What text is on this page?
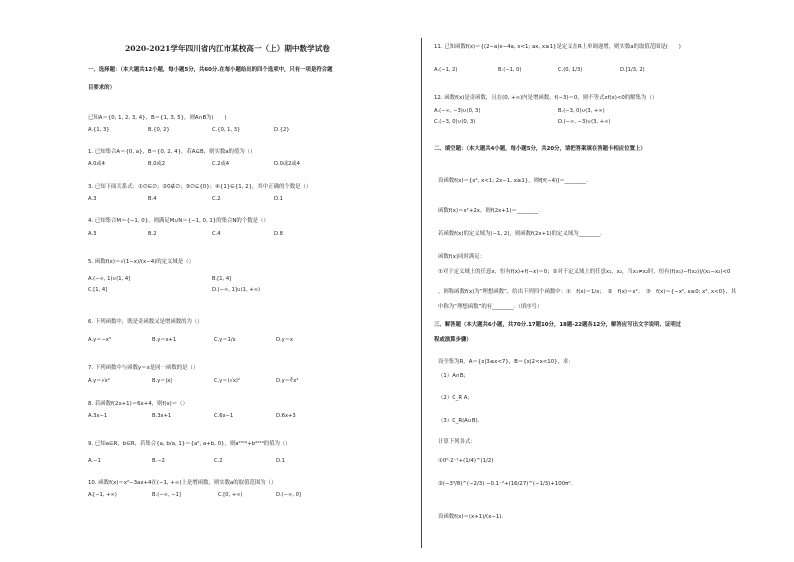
2020-2021学年四川省内江市某校高一（上）期中数学试卷
一、选择题：（本大题共12小题，每小题5分，共60分.在每小题给出的四个选项中，只有一项是符合题
目要求的）
已知A＝{0, 1, 2, 3, 4}，B＝{1, 3, 5}，则A∩B为(　　)
A.{1, 3}	B.{0, 2}	C.{0, 1, 3}	D.{2}
1. 已知集合A＝{0, a}，B＝{0, 2, 4}，若A⊆B，则实数a的值为（）
A.0或4	B.0或2	C.2或4	D.0或2或4
3. 已知下面关系式：①∅∈∅；②0∉∅；③∅⊆{0}；④{1}∈{1, 2}，其中正确的个数是（）
A.3	B.4	C.2	D.1
4. 已知集合M＝{−1, 0}，则满足M∪N＝{−1, 0, 1}的集合N的个数是（）
A.3	B.2	C.4	D.8
5. 函数f(x)＝√(1−x)/(x−4)的定义域是（）
A.(−∞, 1)∪(1, 4]	B.[1, 4]
C.[1, 4]	D.(−∞, 1]∪(1, +∞)
6. 下列函数中，既是奇函数又是增函数的为（）
A.y＝−x³	B.y＝x+1	C.y＝1/x	D.y＝x
7. 下列函数中与函数y＝x是同一函数的是（）
A.y＝√x²	B.y＝|x|	C.y＝(√x)²	D.y＝∛x³
8. 若函数f(2x+1)＝6x+4，则f(x)＝（）
A.3x−1	B.3x+1	C.6x−1	D.6x+3
9. 已知a∈R，b∈R，若集合{a, b/a, 1}＝{a², a+b, 0}，则a²⁰¹⁹+b²⁰¹⁹的值为（）
A.−1	B.−2	C.2	D.1
10. 函数f(x)＝x²−3ax+4在(−1, +∞)上是增函数，则实数a的取值范围为（）
A.[−1, +∞)	B.(−∞, −1]	C.[0, +∞)	D.(−∞, 0]
11. 已知函数f(x)＝{(2−a)x−4a, x<1; ax, x≥1}是定义在R上单调递增，则实数a的取值范围是(　　)
A.(−1, 2)	B.(−1, 0)	C.(0, 1/3)	D.[1/3, 2)
12. 函数f(x)是奇函数，且在(0, +∞)内是增函数，f(−3)＝0，则不等式xf(x)<0的解集为（）
A.(−∞, −3)∪(0, 3)	B.(−3, 0)∪(3, +∞)
C.(−3, 0)∪(0, 3)	D.(−∞, −3)∪(3, +∞)
二、填空题：（本大题共4小题，每小题5分，共20分，请把答案填在答题卡相应位置上）
设函数f(x)＝{x², x<1; 2x−1, x≥1}，则f[f(−4)]＝________.
函数f(x)＝x²+2x，则f(2x+1)＝________.
若函数f(x)的定义域为(−1, 2)，则函数f(2x+1)的定义域为________.
函数f(x)同时满足：
①对于定义域上的任意x，恒有f(x)+f(−x)＝0；②对于定义域上的任意x₁，x₂，当x₁≠x₂时，恒有(f(x₁)−f(x₂))/(x₁−x₂)<0
，则称函数f(x)为“理想函数”，给出下列四个函数中：①　f(x)＝1/x；　②　f(x)＝x²；　③　f(x)＝{−x², x≥0; x², x<0}，其
中称为“理想函数”的有________.（填序号）
三、解答题（本大题共6小题，共70分.17题10分，18题-22题各12分，解答应写出文字说明、证明过
程或演算步骤）
设全集为R，A＝{x|3≤x<7}，B＝{x|2<x<10}，求：
（1）A∩B；
（2）∁_R A；
（3）∁_R(A∪B).
计算下列各式：
①0⁰·2⁻¹+(1/4)^(1/2)
②(−3³/8)^(−2/3) −0.1⁻²+(16/27)^(−1/3)+100π⁰.
设函数f(x)＝(x+1)/(x−1).
